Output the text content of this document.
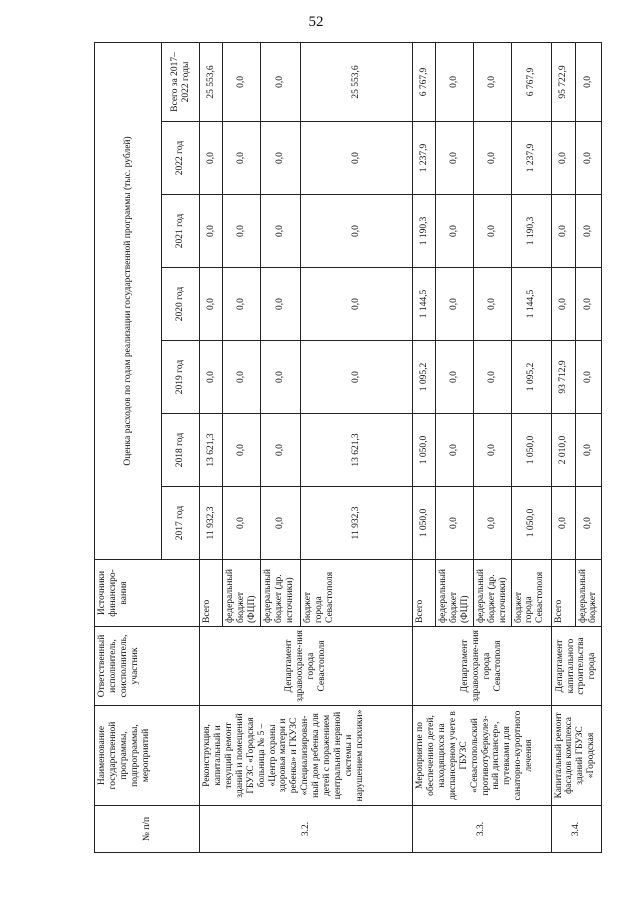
52
№ п/п	Наименование государственной программы, подпрограммы, мероприятий	Ответственный исполнитель, соисполнитель, участник	Источники финансиро-вания	Оценка расходов по годам реализации государственной программы (тыс. рублей)						
				2017 год	2018 год	2019 год	2020 год	2021 год	2022 год	Всего за 2017–2022 годы
3.2.	Реконструкция, капитальный и текущий ремонт зданий и помещений ГБУЗС «Городская больница № 5 – «Центр охраны здоровья матери и ребенка» и ГКУЗС «Специализирован-ный дом ребенка для детей с поражением центральной нервной системы и нарушением психики»	Департамент здравоохране-ния города Севастополя	Всего	11 932,3	13 621,3	0,0	0,0	0,0	0,0	25 553,6
			федеральный бюджет (ФЦП)	0,0	0,0	0,0	0,0	0,0	0,0	0,0
			федеральный бюджет (др. источники)	0,0	0,0	0,0	0,0	0,0	0,0	0,0
			бюджет города Севастополя	11 932,3	13 621,3	0,0	0,0	0,0	0,0	25 553,6
3.3.	Мероприятие по обеспечению детей, находящихся на диспансерном учете в ГБУЗС «Севастопольский противотуберкулез-ный диспансер», путевками для санаторно-курортного лечения	Департамент здравоохране-ния города Севастополя	Всего	1 050,0	1 050,0	1 095,2	1 144,5	1 190,3	1 237,9	6 767,9
			федеральный бюджет (ФЦП)	0,0	0,0	0,0	0,0	0,0	0,0	0,0
			федеральный бюджет (др. источники)	0,0	0,0	0,0	0,0	0,0	0,0	0,0
			бюджет города Севастополя	1 050,0	1 050,0	1 095,2	1 144,5	1 190,3	1 237,9	6 767,9
3.4.	Капитальный ремонт фасадов комплекса зданий ГБУЗС «Городская	Департамент капитального строительства города	Всего	0,0	2 010,0	93 712,9	0,0	0,0	0,0	95 722,9
			федеральный бюджет	0,0	0,0	0,0	0,0	0,0	0,0	0,0
